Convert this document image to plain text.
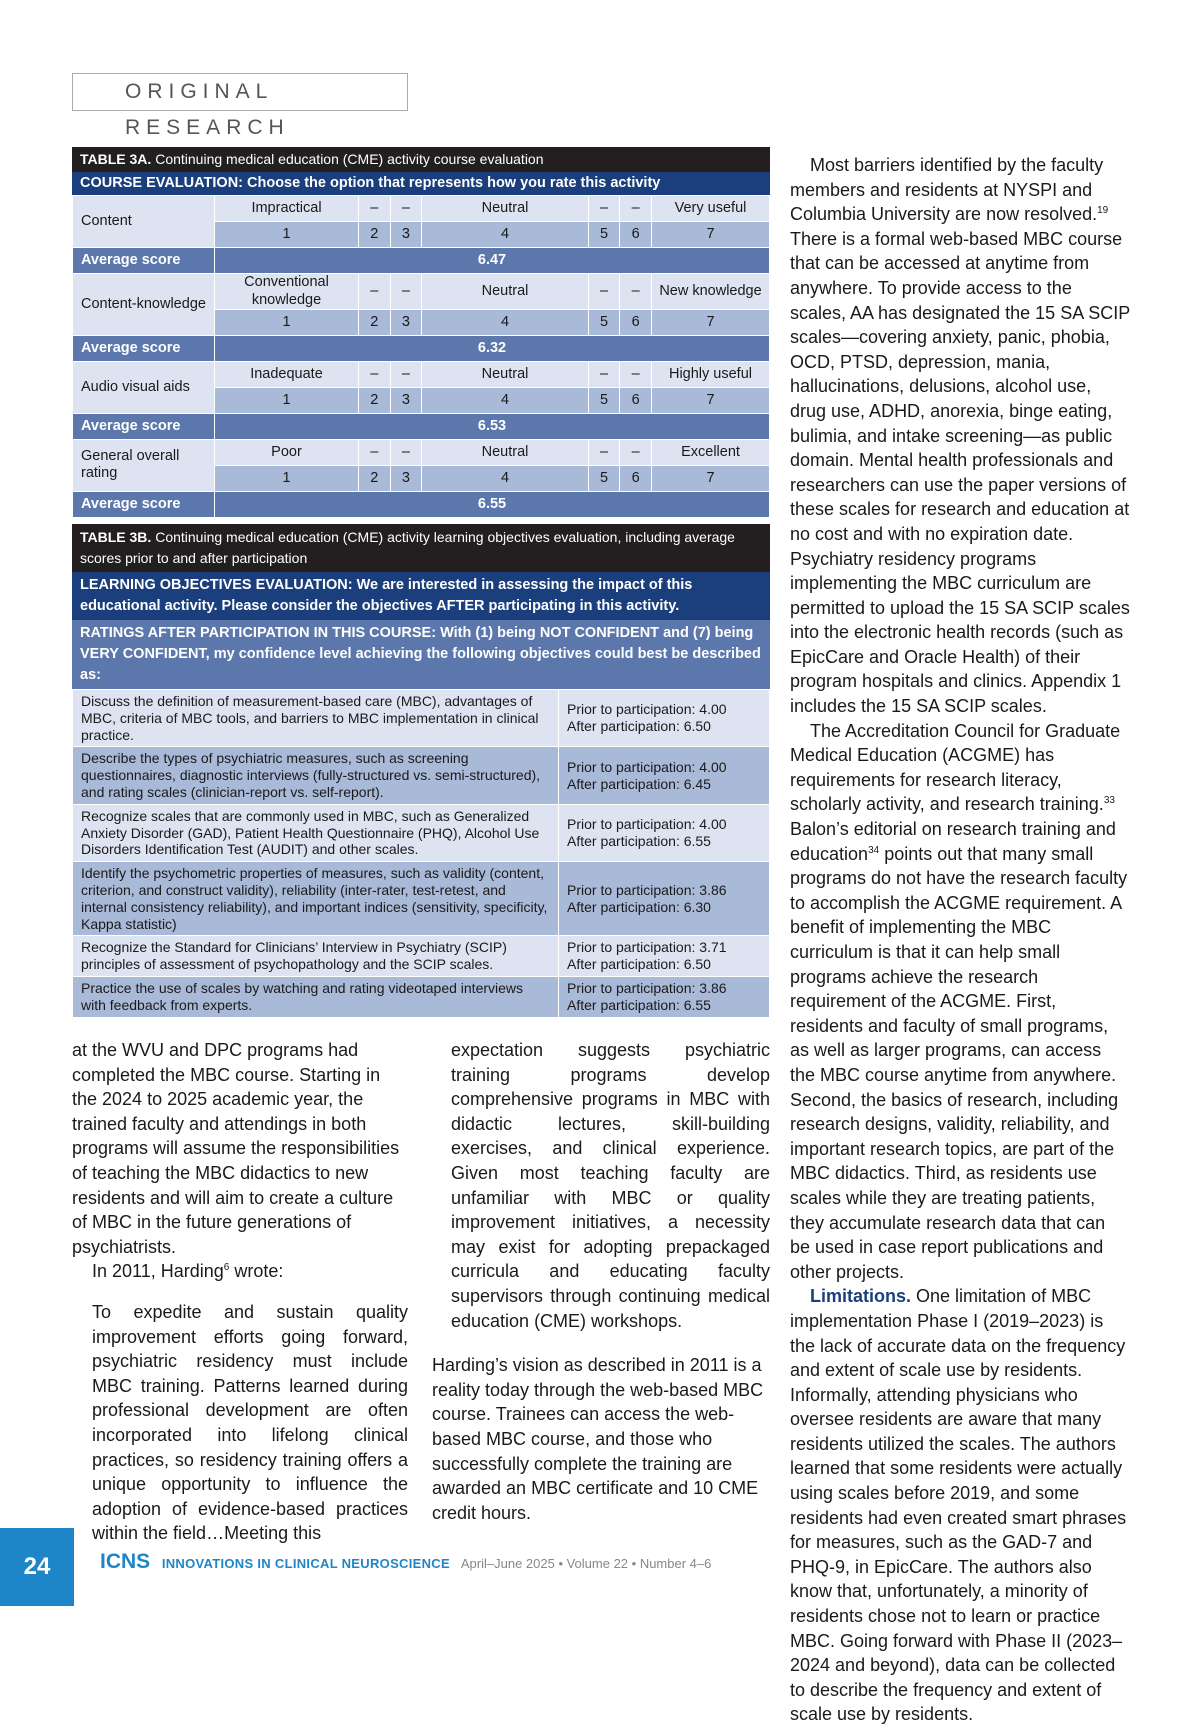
ORIGINAL RESEARCH
TABLE 3A. Continuing medical education (CME) activity course evaluation
COURSE EVALUATION: Choose the option that represents how you rate this activity
Content	Impractical	–	–	Neutral	–	–	Very useful
	1	2	3	4	5	6	7
Average score	6.47						
Content-knowledge	Conventional knowledge	–	–	Neutral	–	–	New knowledge
	1	2	3	4	5	6	7
Average score	6.32						
Audio visual aids	Inadequate	–	–	Neutral	–	–	Highly useful
	1	2	3	4	5	6	7
Average score	6.53						
General overall rating	Poor	–	–	Neutral	–	–	Excellent
	1	2	3	4	5	6	7
Average score	6.55						
TABLE 3B. Continuing medical education (CME) activity learning objectives evaluation, including average scores prior to and after participation
LEARNING OBJECTIVES EVALUATION: We are interested in assessing the impact of this educational activity. Please consider the objectives AFTER participating in this activity.
RATINGS AFTER PARTICIPATION IN THIS COURSE: With (1) being NOT CONFIDENT and (7) being VERY CONFIDENT, my confidence level achieving the following objectives could best be described as:
Discuss the definition of measurement-based care (MBC), advantages of MBC, criteria of MBC tools, and barriers to MBC implementation in clinical practice.	Prior to participation: 4.00
After participation: 6.50

Describe the types of psychiatric measures, such as screening questionnaires, diagnostic interviews (fully-structured vs. semi-structured), and rating scales (clinician-report vs. self-report).	Prior to participation: 4.00
After participation: 6.45

Recognize scales that are commonly used in MBC, such as Generalized Anxiety Disorder (GAD), Patient Health Questionnaire (PHQ), Alcohol Use Disorders Identification Test (AUDIT) and other scales.	Prior to participation: 4.00
After participation: 6.55

Identify the psychometric properties of measures, such as validity (content, criterion, and construct validity), reliability (inter-rater, test-retest, and internal consistency reliability), and important indices (sensitivity, specificity, Kappa statistic)	Prior to participation: 3.86
After participation: 6.30

Recognize the Standard for Clinicians’ Interview in Psychiatry (SCIP) principles of assessment of psychopathology and the SCIP scales.	Prior to participation: 3.71
After participation: 6.50

Practice the use of scales by watching and rating videotaped interviews with feedback from experts.	Prior to participation: 3.86
After participation: 6.55

at the WVU and DPC programs had completed the MBC course. Starting in the 2024 to 2025 academic year, the trained faculty and attendings in both programs will assume the responsibilities of teaching the MBC didactics to new residents and will aim to create a culture of MBC in the future generations of psychiatrists.

In 2011, Harding$^6$ wrote:

To expedite and sustain quality improvement efforts going forward, psychiatric residency must include MBC training. Patterns learned during professional development are often incorporated into lifelong clinical practices, so residency training offers a unique opportunity to influence the adoption of evidence-based practices within the field…Meeting this

expectation suggests psychiatric training programs develop comprehensive programs in MBC with didactic lectures, skill-building exercises, and clinical experience. Given most teaching faculty are unfamiliar with MBC or quality improvement initiatives, a necessity may exist for adopting prepackaged curricula and educating faculty supervisors through continuing medical education (CME) workshops.

Harding’s vision as described in 2011 is a reality today through the web-based MBC course. Trainees can access the web-based MBC course, and those who successfully complete the training are awarded an MBC certificate and 10 CME credit hours.

Most barriers identified by the faculty members and residents at NYSPI and Columbia University are now resolved.$^{19}$ There is a formal web-based MBC course that can be accessed at anytime from anywhere. To provide access to the scales, AA has designated the 15 SA SCIP scales—covering anxiety, panic, phobia, OCD, PTSD, depression, mania, hallucinations, delusions, alcohol use, drug use, ADHD, anorexia, binge eating, bulimia, and intake screening—as public domain. Mental health professionals and researchers can use the paper versions of these scales for research and education at no cost and with no expiration date. Psychiatry residency programs implementing the MBC curriculum are permitted to upload the 15 SA SCIP scales into the electronic health records (such as EpicCare and Oracle Health) of their program hospitals and clinics. Appendix 1 includes the 15 SA SCIP scales.

The Accreditation Council for Graduate Medical Education (ACGME) has requirements for research literacy, scholarly activity, and research training.$^{33}$ Balon’s editorial on research training and education$^{34}$ points out that many small programs do not have the research faculty to accomplish the ACGME requirement. A benefit of implementing the MBC curriculum is that it can help small programs achieve the research requirement of the ACGME. First, residents and faculty of small programs, as well as larger programs, can access the MBC course anytime from anywhere. Second, the basics of research, including research designs, validity, reliability, and important research topics, are part of the MBC didactics. Third, as residents use scales while they are treating patients, they accumulate research data that can be used in case report publications and other projects.

Limitations. One limitation of MBC implementation Phase I (2019–2023) is the lack of accurate data on the frequency and extent of scale use by residents. Informally, attending physicians who oversee residents are aware that many residents utilized the scales. The authors learned that some residents were actually using scales before 2019, and some residents had even created smart phrases for measures, such as the GAD-7 and PHQ-9, in EpicCare. The authors also know that, unfortunately, a minority of residents chose not to learn or practice MBC. Going forward with Phase II (2023–2024 and beyond), data can be collected to describe the frequency and extent of scale use by residents.

24	ICNS INNOVATIONS IN CLINICAL NEUROSCIENCE April–June 2025 • Volume 22 • Number 4–6
